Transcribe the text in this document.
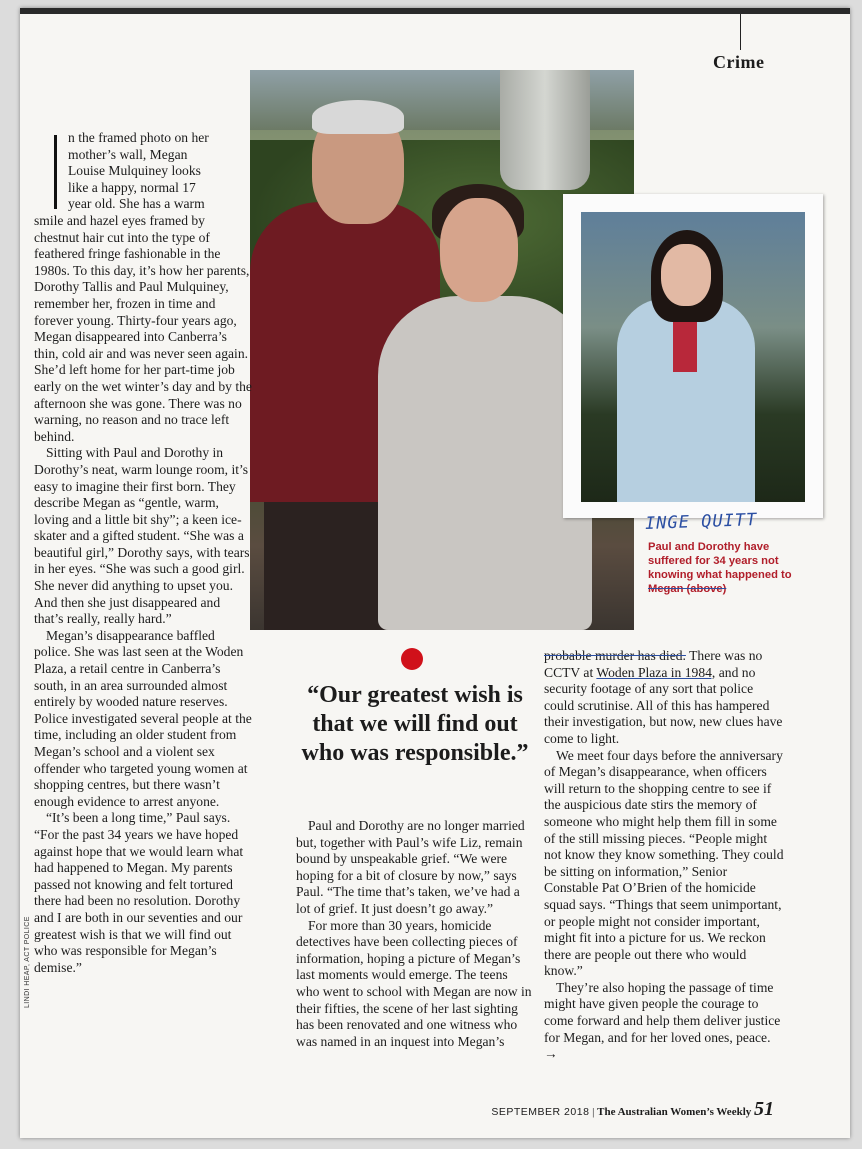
Crime
INGE QUITT
Paul and Dorothy have suffered for 34 years not knowing what happened to Megan (above)
n the framed photo on her
mother’s wall, Megan
Louise Mulquiney looks
like a happy, normal 17
year old. She has a warm

smile and hazel eyes framed by chestnut hair cut into the type of feathered fringe fashionable in the 1980s. To this day, it’s how her parents, Dorothy Tallis and Paul Mulquiney, remember her, frozen in time and forever young. Thirty-four years ago, Megan disappeared into Canberra’s thin, cold air and was never seen again. She’d left home for her part-time job early on the wet winter’s day and by the afternoon she was gone. There was no warning, no reason and no trace left behind.

Sitting with Paul and Dorothy in Dorothy’s neat, warm lounge room, it’s easy to imagine their first born. They describe Megan as “gentle, warm, loving and a little bit shy”; a keen ice-skater and a gifted student. “She was a beautiful girl,” Dorothy says, with tears in her eyes. “She was such a good girl. She never did anything to upset you. And then she just disappeared and that’s really, really hard.”

Megan’s disappearance baffled police. She was last seen at the Woden Plaza, a retail centre in Canberra’s south, in an area surrounded almost entirely by wooded nature reserves. Police investigated several people at the time, including an older student from Megan’s school and a violent sex offender who targeted young women at shopping centres, but there wasn’t enough evidence to arrest anyone.

“It’s been a long time,” Paul says. “For the past 34 years we have hoped against hope that we would learn what had happened to Megan. My parents passed not knowing and felt tortured there had been no resolution. Dorothy and I are both in our seventies and our greatest wish is that we will find out who was responsible for Megan’s demise.”

“Our greatest wish is that we will find out who was responsible.”

Paul and Dorothy are no longer married but, together with Paul’s wife Liz, remain bound by unspeakable grief. “We were hoping for a bit of closure by now,” says Paul. “The time that’s taken, we’ve had a lot of grief. It just doesn’t go away.”

For more than 30 years, homicide detectives have been collecting pieces of information, hoping a picture of Megan’s last moments would emerge. The teens who went to school with Megan are now in their fifties, the scene of her last sighting has been renovated and one witness who was named in an inquest into Megan’s

probable murder has died. There was no CCTV at Woden Plaza in 1984, and no security footage of any sort that police could scrutinise. All of this has hampered their investigation, but now, new clues have come to light.

We meet four days before the anniversary of Megan’s disappearance, when officers will return to the shopping centre to see if the auspicious date stirs the memory of someone who might help them fill in some of the still missing pieces. “People might not know they know something. They could be sitting on information,” Senior Constable Pat O’Brien of the homicide squad says. “Things that seem unimportant, or people might not consider important, might fit into a picture for us. We reckon there are people out there who would know.”

They’re also hoping the passage of time might have given people the courage to come forward and help them deliver justice for Megan, and for her loved ones, peace. →

LINDI HEAP, ACT POLICE
SEPTEMBER 2018 | The Australian Women’s Weekly 51
